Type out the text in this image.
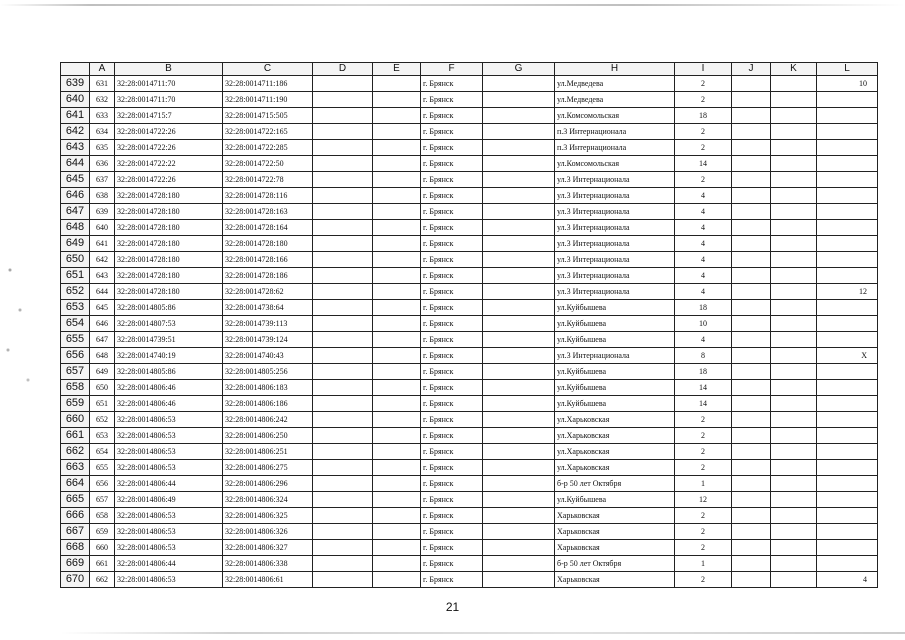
	A	B	C	D	E	F	G	H	I	J	K	L
639	631	32:28:0014711:70	32:28:0014711:186			г. Брянск		ул.Медведева	2			10
640	632	32:28:0014711:70	32:28:0014711:190			г. Брянск		ул.Медведева	2			
641	633	32:28:0014715:7	32:28:0014715:505			г. Брянск		ул.Комсомольская	18			
642	634	32:28:0014722:26	32:28:0014722:165			г. Брянск		п.3 Интернационала	2			
643	635	32:28:0014722:26	32:28:0014722:285			г. Брянск		п.3 Интернационала	2			
644	636	32:28:0014722:22	32:28:0014722:50			г. Брянск		ул.Комсомольская	14			
645	637	32:28:0014722:26	32:28:0014722:78			г. Брянск		ул.3 Интернационала	2			
646	638	32:28:0014728:180	32:28:0014728:116			г. Брянск		ул.3 Интернационала	4			
647	639	32:28:0014728:180	32:28:0014728:163			г. Брянск		ул.3 Интернационала	4			
648	640	32:28:0014728:180	32:28:0014728:164			г. Брянск		ул.3 Интернационала	4			
649	641	32:28:0014728:180	32:28:0014728:180			г. Брянск		ул.3 Интернационала	4			
650	642	32:28:0014728:180	32:28:0014728:166			г. Брянск		ул.3 Интернационала	4			
651	643	32:28:0014728:180	32:28:0014728:186			г. Брянск		ул.3 Интернационала	4			
652	644	32:28:0014728:180	32:28:0014728:62			г. Брянск		ул.3 Интернационала	4			12
653	645	32:28:0014805:86	32:28:0014738:64			г. Брянск		ул.Куйбышева	18			
654	646	32:28:0014807:53	32:28:0014739:113			г. Брянск		ул.Куйбышева	10			
655	647	32:28:0014739:51	32:28:0014739:124			г. Брянск		ул.Куйбышева	4			
656	648	32:28:0014740:19	32:28:0014740:43			г. Брянск		ул.3 Интернационала	8			X
657	649	32:28:0014805:86	32:28:0014805:256			г. Брянск		ул.Куйбышева	18			
658	650	32:28:0014806:46	32:28:0014806:183			г. Брянск		ул.Куйбышева	14			
659	651	32:28:0014806:46	32:28:0014806:186			г. Брянск		ул.Куйбышева	14			
660	652	32:28:0014806:53	32:28:0014806:242			г. Брянск		ул.Харьковская	2			
661	653	32:28:0014806:53	32:28:0014806:250			г. Брянск		ул.Харьковская	2			
662	654	32:28:0014806:53	32:28:0014806:251			г. Брянск		ул.Харьковская	2			
663	655	32:28:0014806:53	32:28:0014806:275			г. Брянск		ул.Харьковская	2			
664	656	32:28:0014806:44	32:28:0014806:296			г. Брянск		б-р 50 лет Октября	1			
665	657	32:28:0014806:49	32:28:0014806:324			г. Брянск		ул.Куйбышева	12			
666	658	32:28:0014806:53	32:28:0014806:325			г. Брянск		Харьковская	2			
667	659	32:28:0014806:53	32:28:0014806:326			г. Брянск		Харьковская	2			
668	660	32:28:0014806:53	32:28:0014806:327			г. Брянск		Харьковская	2			
669	661	32:28:0014806:44	32:28:0014806:338			г. Брянск		б-р 50 лет Октября	1			
670	662	32:28:0014806:53	32:28:0014806:61			г. Брянск		Харьковская	2			4
21
